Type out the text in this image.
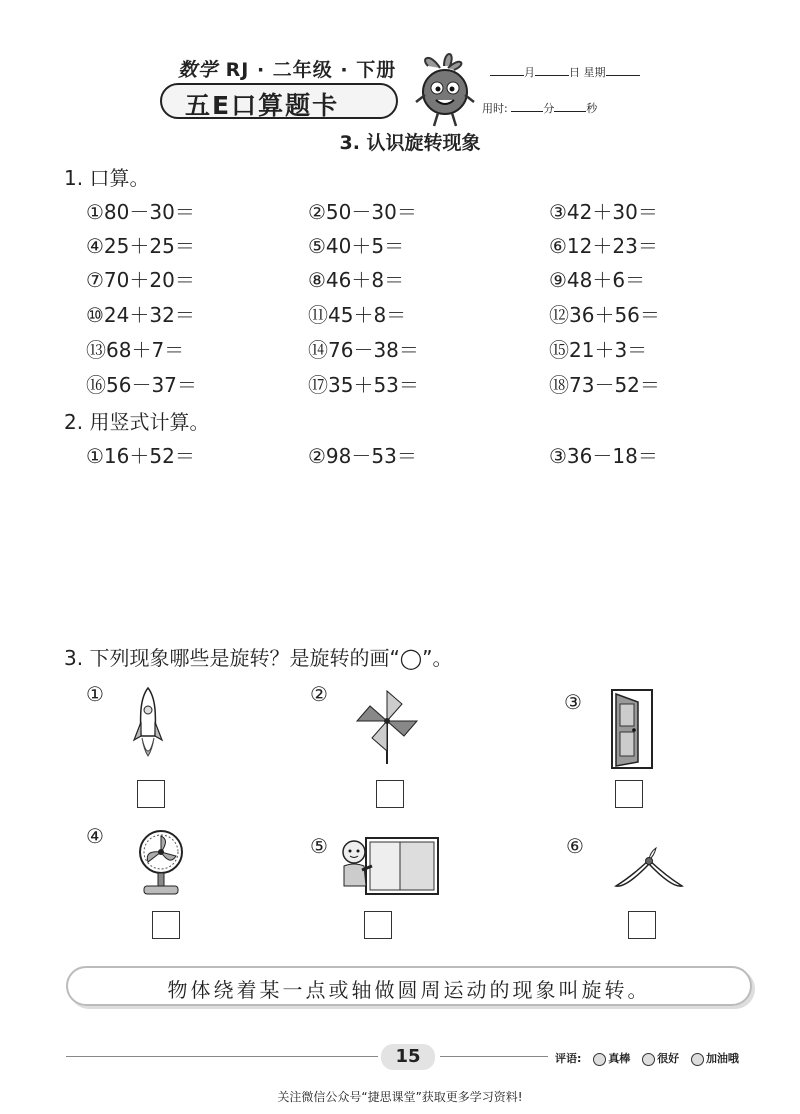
数学 RJ · 二年级 · 下册
五E口算题卡
月	日 星期
用时:	分	秒
3. 认识旋转现象
1. 口算。
①80－30＝	②50－30＝	③42＋30＝
④25＋25＝	⑤40＋5＝	⑥12＋23＝
⑦70＋20＝	⑧46＋8＝	⑨48＋6＝
⑩24＋32＝	⑪45＋8＝	⑫36＋56＝
⑬68＋7＝	⑭76－38＝	⑮21＋3＝
⑯56－37＝	⑰35＋53＝	⑱73－52＝
2. 用竖式计算。
①16＋52＝	②98－53＝	③36－18＝
3. 下列现象哪些是旋转？是旋转的画“◯”。
①	②	③
④	⑤	⑥
物体绕着某一点或轴做圆周运动的现象叫旋转。
15	评语: 真棒 很好 加油哦
关注微信公众号“捷思课堂”获取更多学习资料!
